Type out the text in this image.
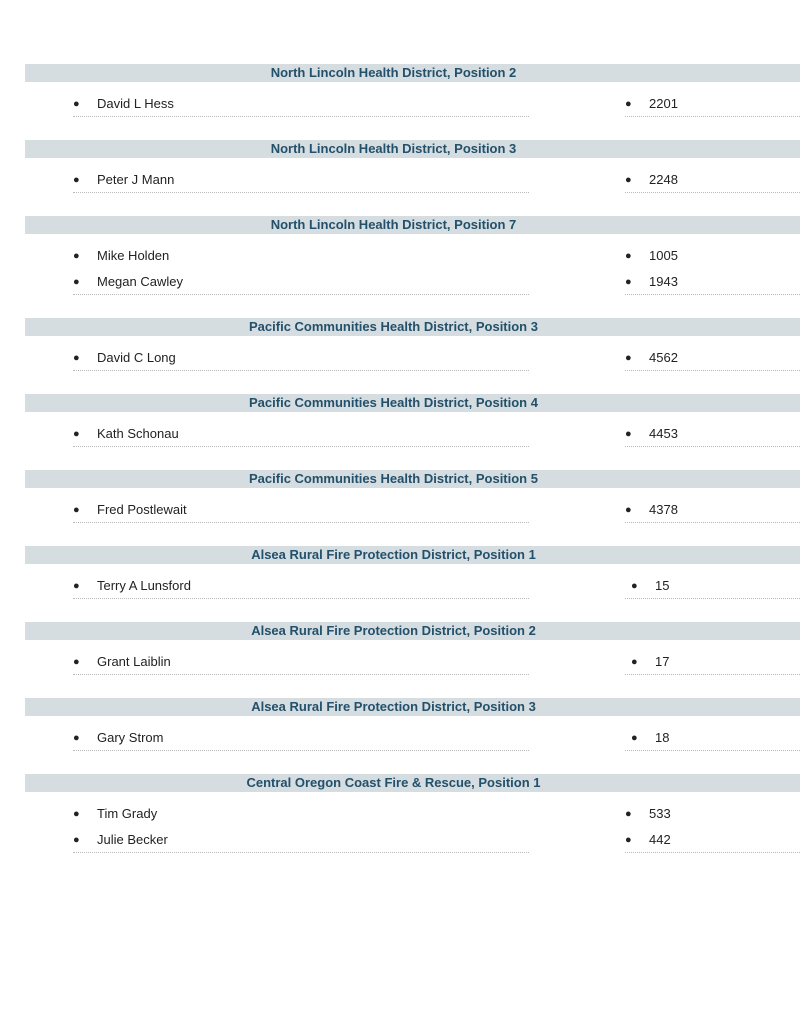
North Lincoln Health District, Position 2
● David L Hess	● 2201
North Lincoln Health District, Position 3
● Peter J Mann	● 2248
North Lincoln Health District, Position 7
● Mike Holden	● 1005
● Megan Cawley	● 1943
Pacific Communities Health District, Position 3
● David C Long	● 4562
Pacific Communities Health District, Position 4
● Kath Schonau	● 4453
Pacific Communities Health District, Position 5
● Fred Postlewait	● 4378
Alsea Rural Fire Protection District, Position 1
● Terry A Lunsford	● 15
Alsea Rural Fire Protection District, Position 2
● Grant Laiblin	● 17
Alsea Rural Fire Protection District, Position 3
● Gary Strom	● 18
Central Oregon Coast Fire & Rescue, Position 1
● Tim Grady	● 533
● Julie Becker	● 442
